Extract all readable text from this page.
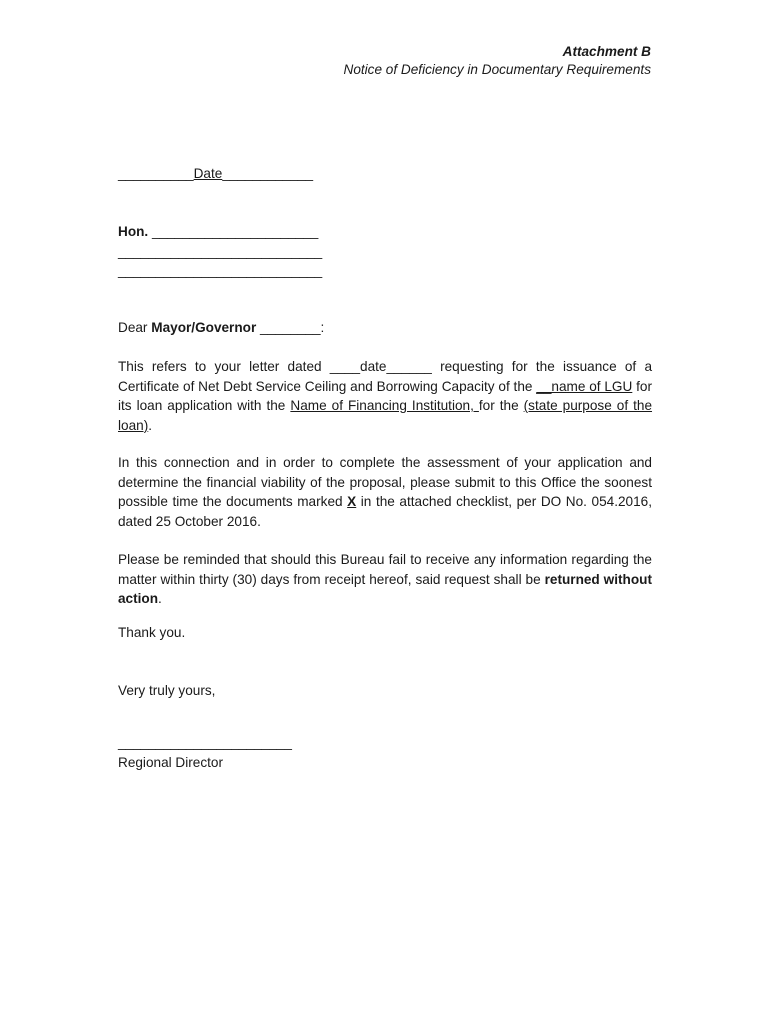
Attachment B
Notice of Deficiency in Documentary Requirements
__________Date____________
Hon. ______________________
___________________________
___________________________
Dear Mayor/Governor ________:
This refers to your letter dated ____date______ requesting for the issuance of a Certificate of Net Debt Service Ceiling and Borrowing Capacity of the __name of LGU for its loan application with the Name of Financing Institution, for the (state purpose of the loan).
In this connection and in order to complete the assessment of your application and determine the financial viability of the proposal, please submit to this Office the soonest possible time the documents marked X in the attached checklist, per DO No. 054.2016, dated 25 October 2016.
Please be reminded that should this Bureau fail to receive any information regarding the matter within thirty (30) days from receipt hereof, said request shall be returned without action.
Thank you.
Very truly yours,
_______________________
Regional Director
